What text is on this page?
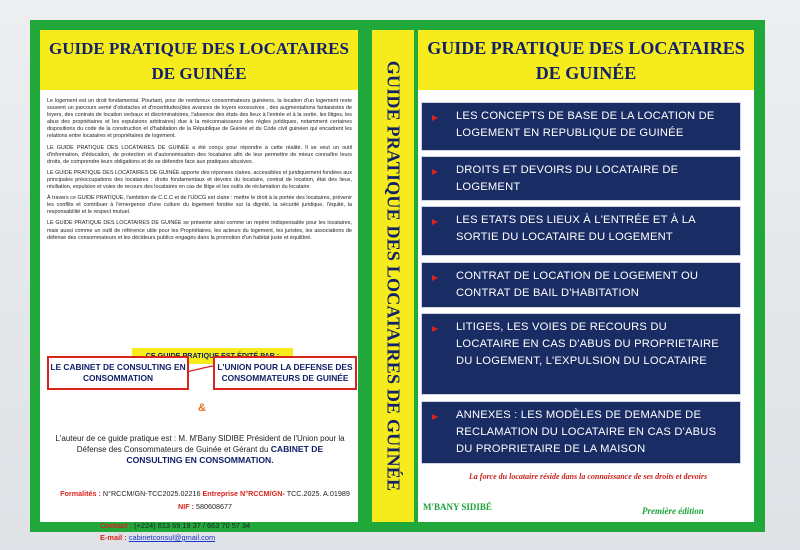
GUIDE PRATIQUE DES LOCATAIRES
DE GUINÉE

Le logement est un droit fondamental. Pourtant, pour de nombreux consommateurs guinéens, la location d'un logement reste souvent un parcours semé d'obstacles et d'incertitudes(des avances de loyers excessives , des augmentations fantaisistes de loyers, des contrats de location verbaux et discriminatoires, l'absence des états des lieux à l'entrée et à la sortie, les litiges, les abus des propriétaires et les expulsions arbitraires) due à la méconnaissance des règles juridiques, notamment certaines dispositions du code de la construction et d'habitation de la République de Guinée et du Code civil guinéen qui encadrent les relations entre locataires et propriétaires de logement.

LE GUIDE PRATIQUE DES LOCATAIRES DE GUINÉE a été conçu pour répondre à cette réalité. Il se veut un outil d'information, d'éducation, de protection et d'autonomisation des locataires afin de leur permettre de mieux connaître leurs droits, de comprendre leurs obligations et de se défendre face aux pratiques abusives.

LE GUIDE PRATIQUE DES LOCATAIRES DE GUINÉE apporte des réponses claires, accessibles et juridiquement fondées aux principales préoccupations des locataires : droits fondamentaux et devoirs du locataire, contrat de location, état des lieux, résiliation, expulsion et voies de recours des locataires en cas de litige et les outils de réclamation du locataire

À travers ce GUIDE PRATIQUE, l'ambition de C.C.C et de l'UDCG est claire : mettre le droit à la portée des locataires, prévenir les conflits et contribuer à l'émergence d'une culture du logement fondée sur la dignité, la sécurité juridique, l'équité, la responsabilité et le respect mutuel.

LE GUIDE PRATIQUE DES LOCATAIRES DE GUINÉE se présente ainsi comme un repère indispensable pour les locataires, mais aussi comme un outil de référence utile pour les Propriétaires, les acteurs du logement, les juristes, les associations de défense des consommateurs et les décideurs publics engagés dans la promotion d'un habitat juste et équilibré.

PRATIQUE
LE CABINET DE CONSULTING EN CONSOMMATION
&
L'UNION POUR LA DEFENSE DES CONSOMMATEURS DE GUINÉE
L'auteur de ce guide pratique est : M. M'Bany SIDIBE Président de l'Union pour la Défense des Consommateurs de Guinée et Gérant du CABINET DE CONSULTING EN CONSOMMATION.
Formalités : N°RCCM/GN-TCC2025.02216 Entreprise N°RCCM/GN- TCC.2025. A.01989 NIF : 580608677
Contact : (+224) 613 69 19 37 / 663 70 57 34
E-mail : cabinetconsul@gmail.com
GUIDE PRATIQUE DES LOCATAIRES DE GUINÉE
GUIDE PRATIQUE DES LOCATAIRES
DE GUINÉE
LES CONCEPTS DE BASE DE LA LOCATION DE LOGEMENT EN REPUBLIQUE DE GUINÉE
DROITS ET DEVOIRS DU LOCATAIRE DE LOGEMENT
LES ETATS DES LIEUX À L'ENTRÉE ET À LA SORTIE DU LOCATAIRE DU LOGEMENT
CONTRAT DE LOCATION DE LOGEMENT OU CONTRAT DE BAIL D'HABITATION
LITIGES, LES VOIES DE RECOURS DU LOCATAIRE EN CAS D'ABUS DU PROPRIETAIRE DU LOGEMENT, L'EXPULSION DU LOCATAIRE
ANNEXES : LES MODÈLES DE DEMANDE DE RECLAMATION DU LOCATAIRE EN CAS D'ABUS DU PROPRIETAIRE DE LA MAISON
La force du locataire réside dans la connaissance de ses droits et devoirs
M'BANY SIDIBÉ	Première édition
